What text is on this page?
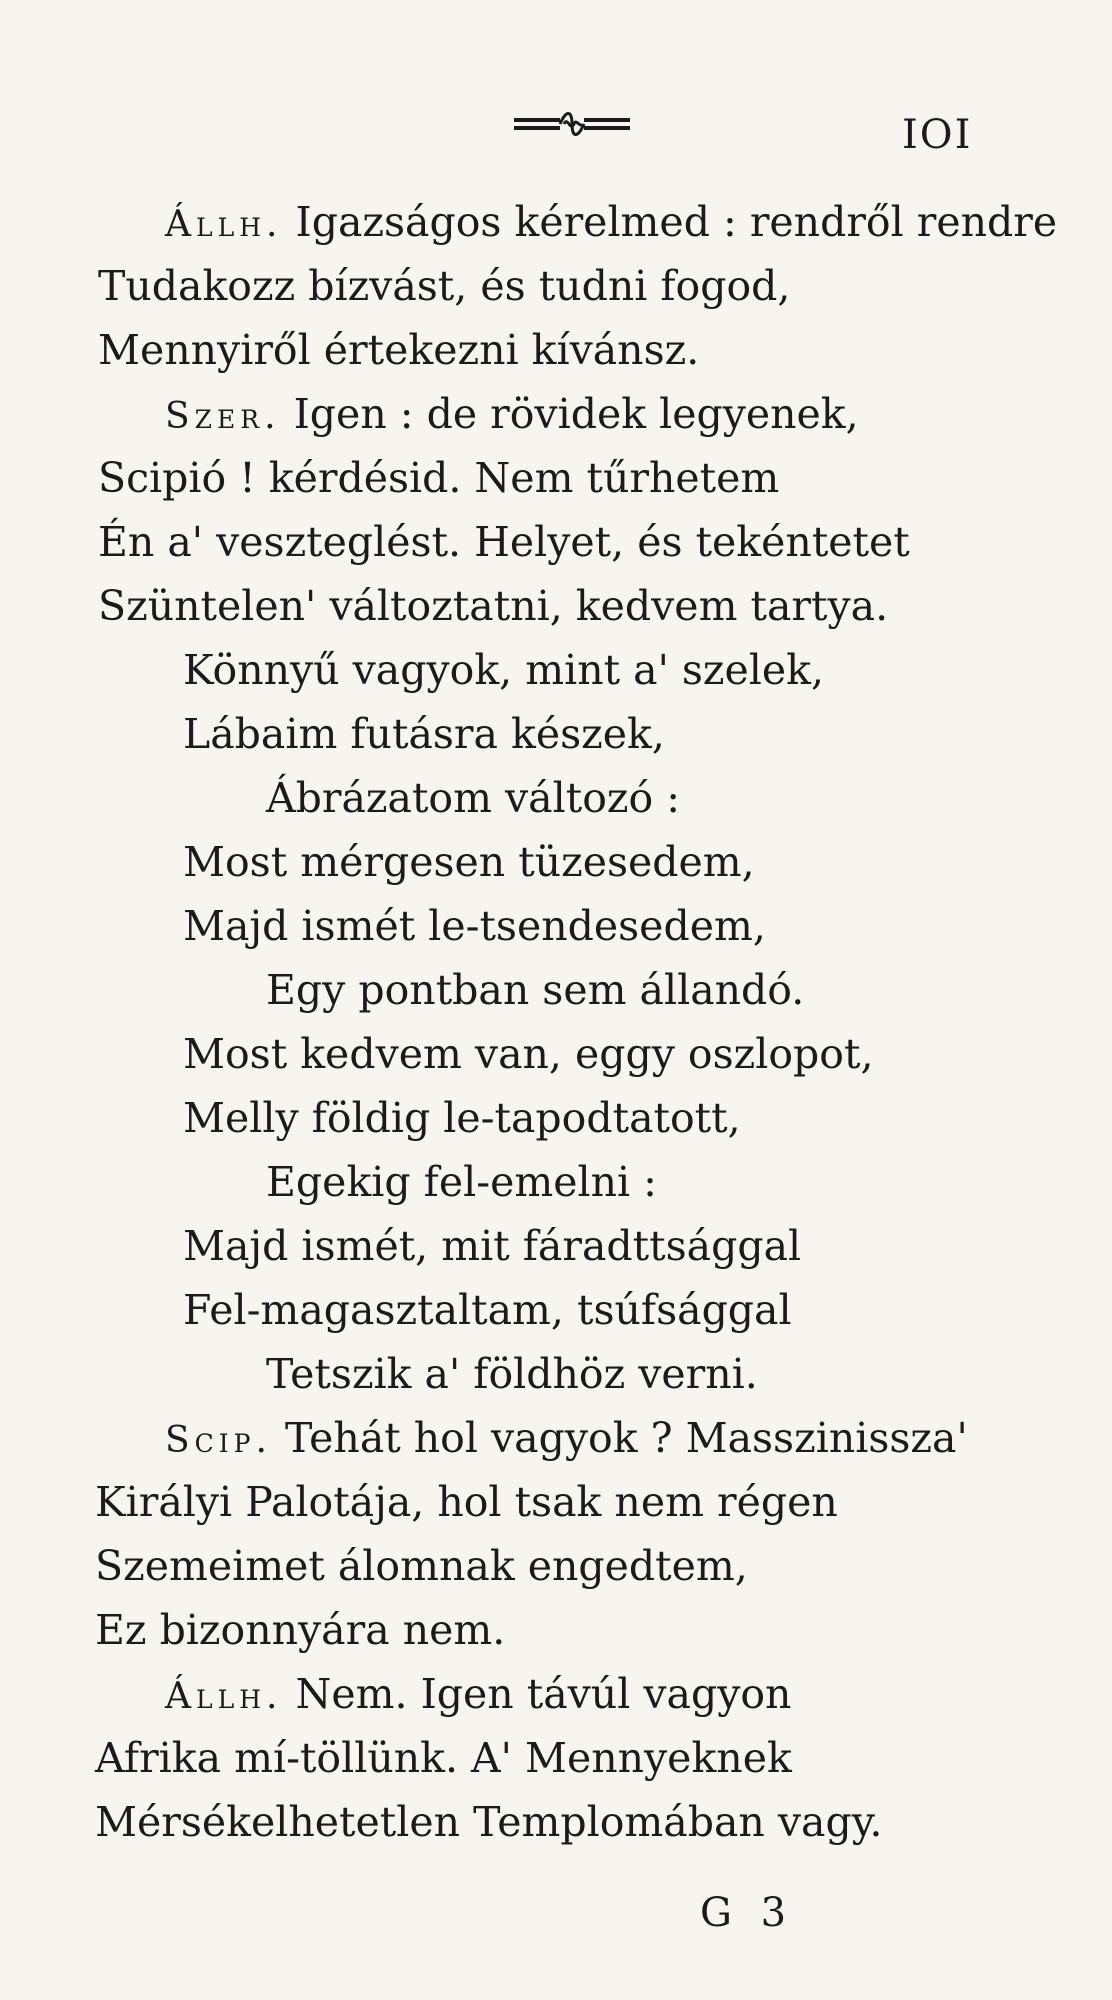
IOI
Állh. Igazságos kérelmed : rendről rendre
Tudakozz bízvást, és tudni fogod,
Mennyiről értekezni kívánsz.
Szer. Igen : de rövidek legyenek,
Scipió ! kérdésid. Nem tűrhetem
Én a' veszteglést. Helyet, és tekéntetet
Szüntelen' változtatni, kedvem tartya.
Könnyű vagyok, mint a' szelek,
Lábaim futásra készek,
Ábrázatom változó :
Most mérgesen tüzesedem,
Majd ismét le-tsendesedem,
Egy pontban sem állandó.
Most kedvem van, eggy oszlopot,
Melly földig le-tapodtatott,
Egekig fel-emelni :
Majd ismét, mit fáradttsággal
Fel-magasztaltam, tsúfsággal
Tetszik a' földhöz verni.
Scip. Tehát hol vagyok ? Masszinissza'
Királyi Palotája, hol tsak nem régen
Szemeimet álomnak engedtem,
Ez bizonnyára nem.
Állh. Nem. Igen távúl vagyon
Afrika mí-töllünk. A' Mennyeknek
Mérsékelhetetlen Templomában vagy.
G 3
